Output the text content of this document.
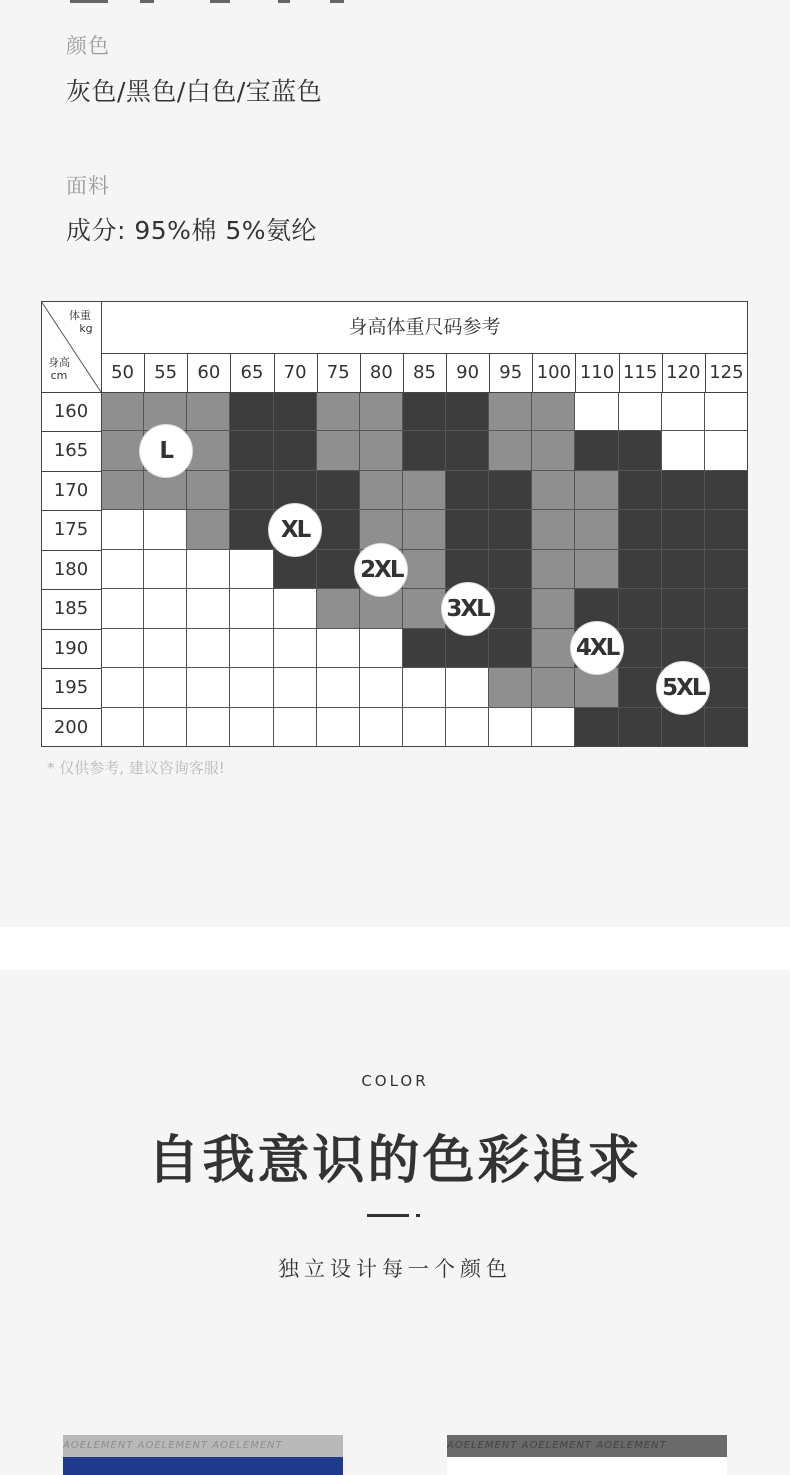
颜色
灰色/黑色/白色/宝蓝色
面料
成分: 95%棉 5%氨纶
体重
kg
身高
cm
身高体重尺码参考
50	55	60	65	70	75	80	85	90	95 100 110 115 120 125
160
165
170
175
180
185
190
195
200
L
XL
2XL
3XL
4XL
5XL
* 仅供参考, 建议咨询客服!
COLOR
自我意识的色彩追求
独立设计每一个颜色
AOELEMENT AOELEMENT AOELEMENT	AOELEMENT AOELEMENT AOELEMENT
